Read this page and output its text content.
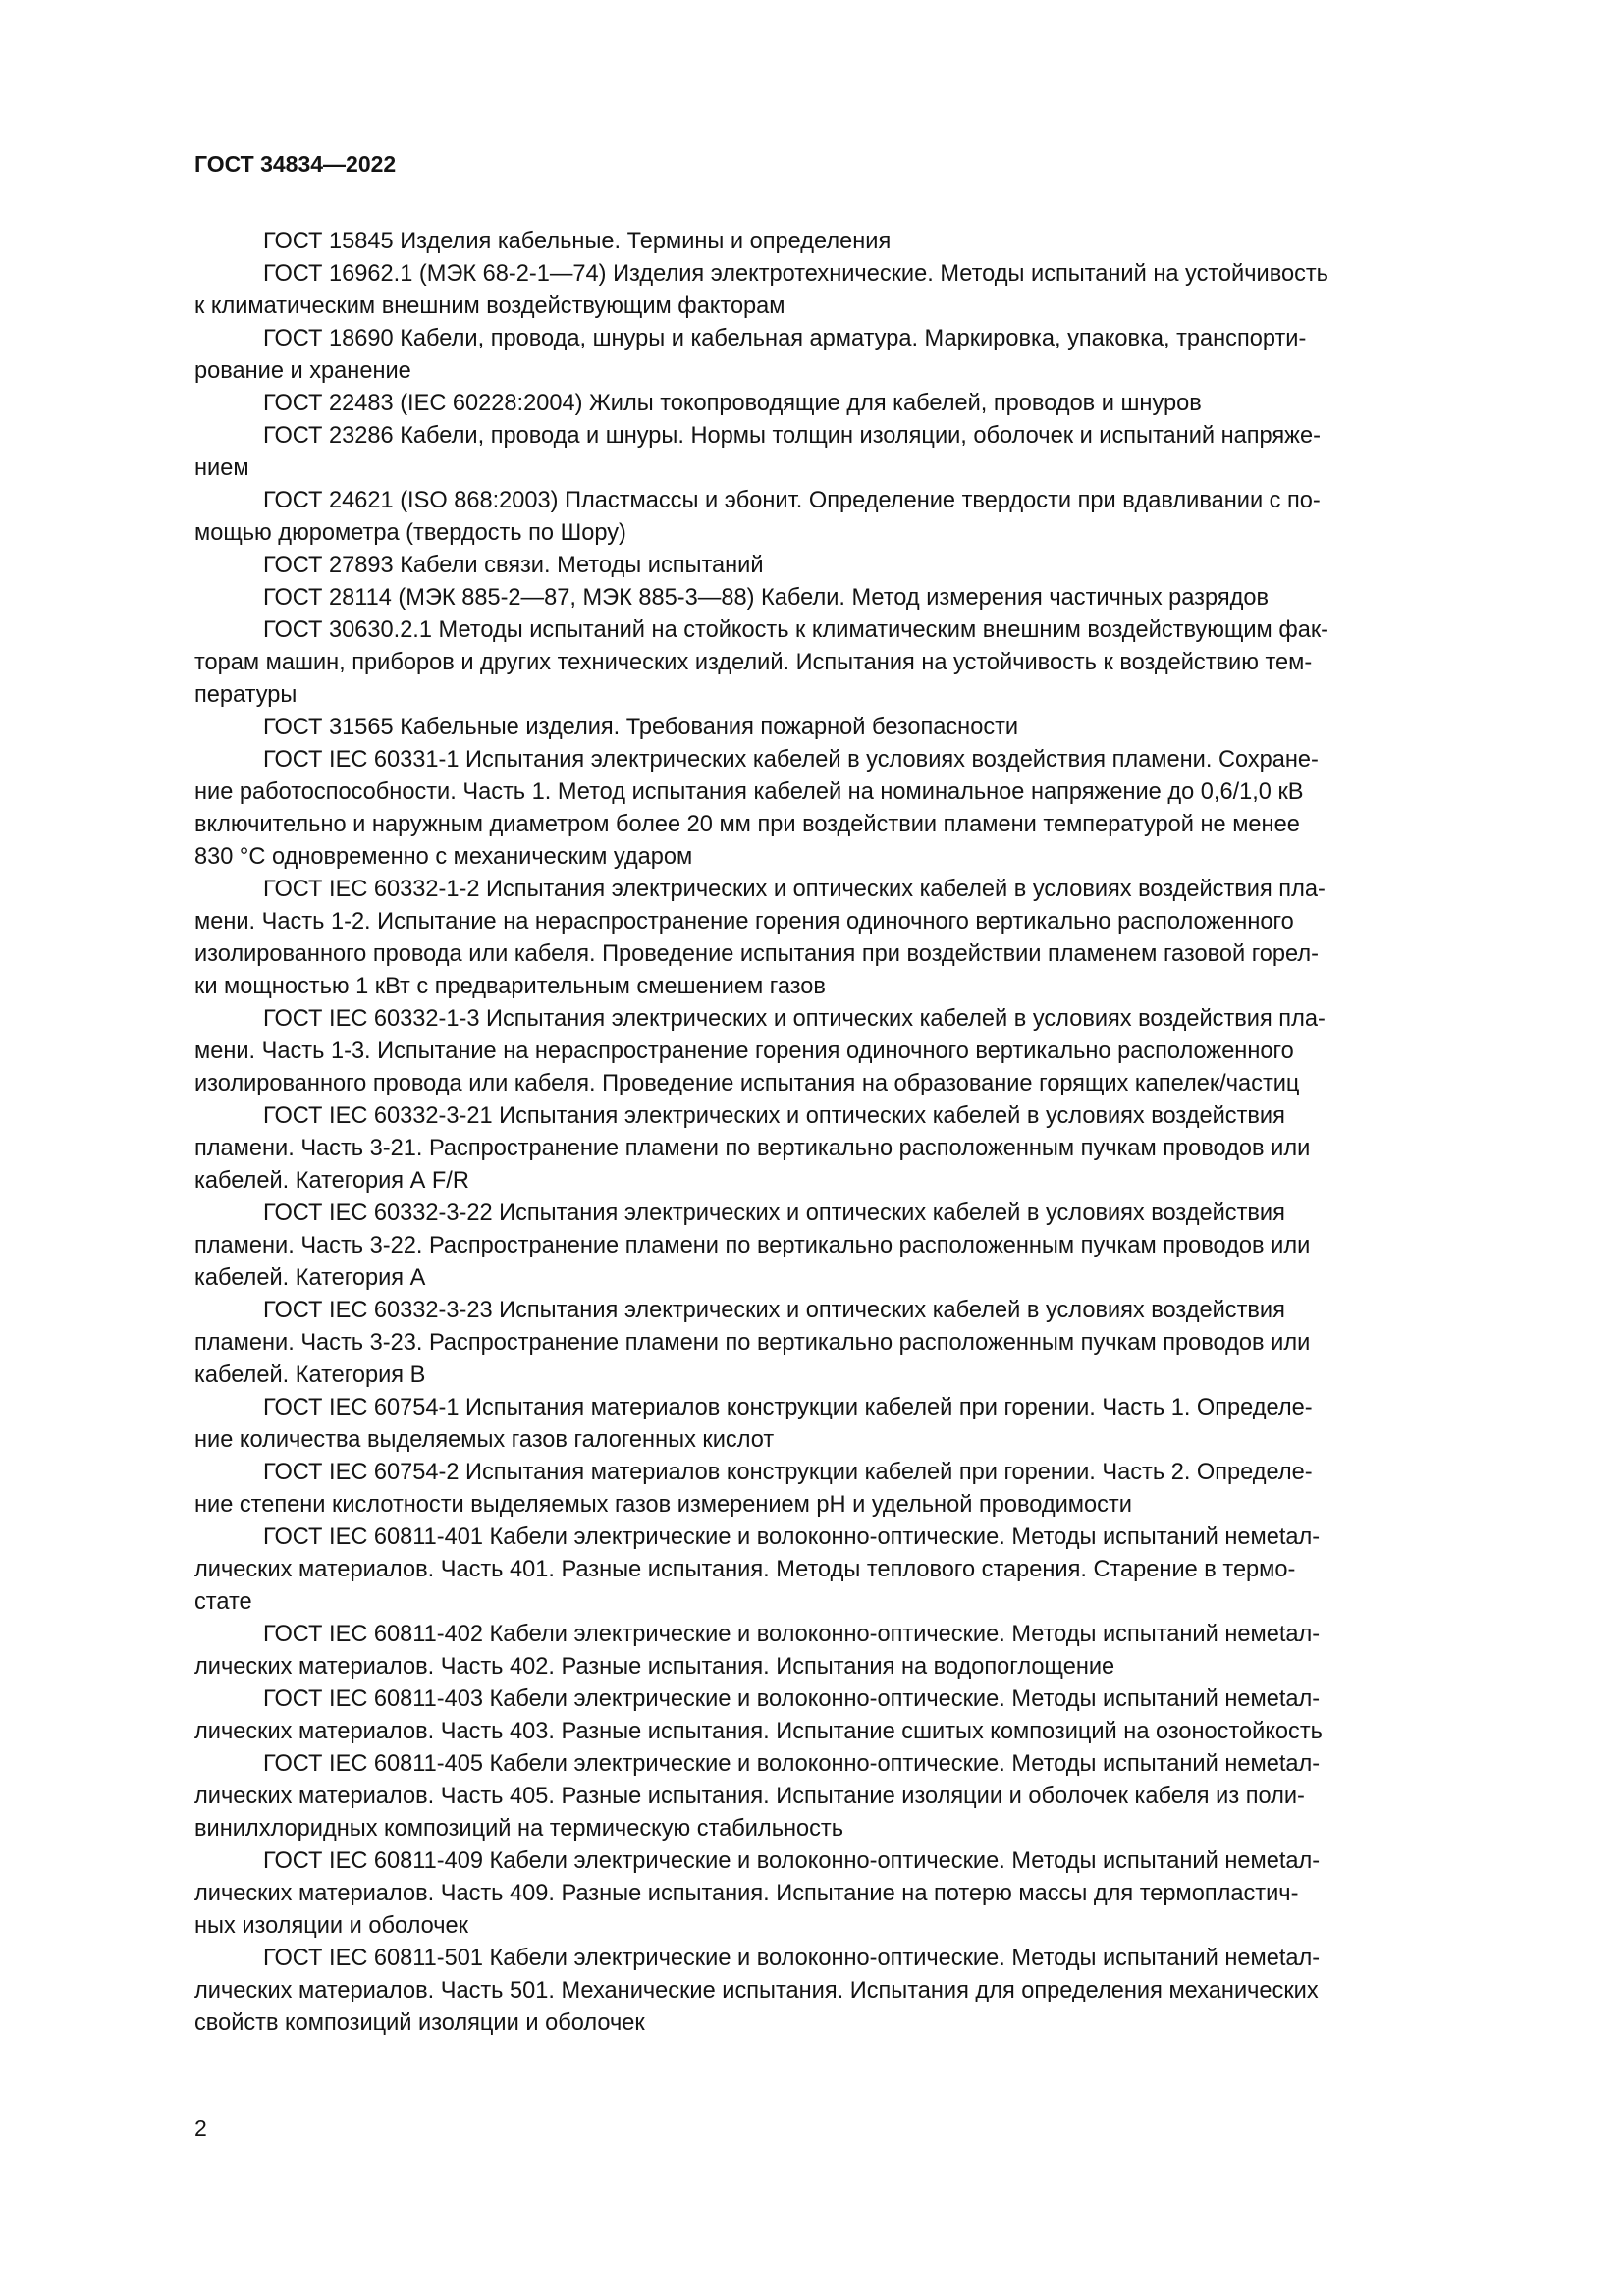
ГОСТ 34834—2022

ГОСТ 15845 Изделия кабельные. Термины и определения

ГОСТ 16962.1 (МЭК 68-2-1—74) Изделия электротехнические. Методы испытаний на устойчивость
к климатическим внешним воздействующим факторам

ГОСТ 18690 Кабели, провода, шнуры и кабельная арматура. Маркировка, упаковка, транспорти-
рование и хранение

ГОСТ 22483 (IEC 60228:2004) Жилы токопроводящие для кабелей, проводов и шнуров

ГОСТ 23286 Кабели, провода и шнуры. Нормы толщин изоляции, оболочек и испытаний напряже-
нием

ГОСТ 24621 (ISO 868:2003) Пластмассы и эбонит. Определение твердости при вдавливании с по-
мощью дюрометра (твердость по Шору)

ГОСТ 27893 Кабели связи. Методы испытаний

ГОСТ 28114 (МЭК 885-2—87, МЭК 885-3—88) Кабели. Метод измерения частичных разрядов

ГОСТ 30630.2.1 Методы испытаний на стойкость к климатическим внешним воздействующим фак-
торам машин, приборов и других технических изделий. Испытания на устойчивость к воздействию тем-
пературы

ГОСТ 31565 Кабельные изделия. Требования пожарной безопасности

ГОСТ IEC 60331-1 Испытания электрических кабелей в условиях воздействия пламени. Сохране-
ние работоспособности. Часть 1. Метод испытания кабелей на номинальное напряжение до 0,6/1,0 кВ
включительно и наружным диаметром более 20 мм при воздействии пламени температурой не менее
830 °С одновременно с механическим ударом

ГОСТ IEC 60332-1-2 Испытания электрических и оптических кабелей в условиях воздействия пла-
мени. Часть 1-2. Испытание на нераспространение горения одиночного вертикально расположенного
изолированного провода или кабеля. Проведение испытания при воздействии пламенем газовой горел-
ки мощностью 1 кВт с предварительным смешением газов

ГОСТ IEC 60332-1-3 Испытания электрических и оптических кабелей в условиях воздействия пла-
мени. Часть 1-3. Испытание на нераспространение горения одиночного вертикально расположенного
изолированного провода или кабеля. Проведение испытания на образование горящих капелек/частиц

ГОСТ IEC 60332-3-21 Испытания электрических и оптических кабелей в условиях воздействия
пламени. Часть 3-21. Распространение пламени по вертикально расположенным пучкам проводов или
кабелей. Категория А F/R

ГОСТ IEC 60332-3-22 Испытания электрических и оптических кабелей в условиях воздействия
пламени. Часть 3-22. Распространение пламени по вертикально расположенным пучкам проводов или
кабелей. Категория А

ГОСТ IEC 60332-3-23 Испытания электрических и оптических кабелей в условиях воздействия
пламени. Часть 3-23. Распространение пламени по вертикально расположенным пучкам проводов или
кабелей. Категория В

ГОСТ IEC 60754-1 Испытания материалов конструкции кабелей при горении. Часть 1. Определе-
ние количества выделяемых газов галогенных кислот

ГОСТ IEC 60754-2 Испытания материалов конструкции кабелей при горении. Часть 2. Определе-
ние степени кислотности выделяемых газов измерением pH и удельной проводимости

ГОСТ IEC 60811-401 Кабели электрические и волоконно-оптические. Методы испытаний немetал-
лических материалов. Часть 401. Разные испытания. Методы теплового старения. Старение в термо-
стате

ГОСТ IEC 60811-402 Кабели электрические и волоконно-оптические. Методы испытаний немetал-
лических материалов. Часть 402. Разные испытания. Испытания на водопоглощение

ГОСТ IEC 60811-403 Кабели электрические и волоконно-оптические. Методы испытаний немetал-
лических материалов. Часть 403. Разные испытания. Испытание сшитых композиций на озоностойкость

ГОСТ IEC 60811-405 Кабели электрические и волоконно-оптические. Методы испытаний немetал-
лических материалов. Часть 405. Разные испытания. Испытание изоляции и оболочек кабеля из поли-
винилхлоридных композиций на термическую стабильность

ГОСТ IEC 60811-409 Кабели электрические и волоконно-оптические. Методы испытаний немetал-
лических материалов. Часть 409. Разные испытания. Испытание на потерю массы для термопластич-
ных изоляции и оболочек

ГОСТ IEC 60811-501 Кабели электрические и волоконно-оптические. Методы испытаний немetал-
лических материалов. Часть 501. Механические испытания. Испытания для определения механических
свойств композиций изоляции и оболочек

2
